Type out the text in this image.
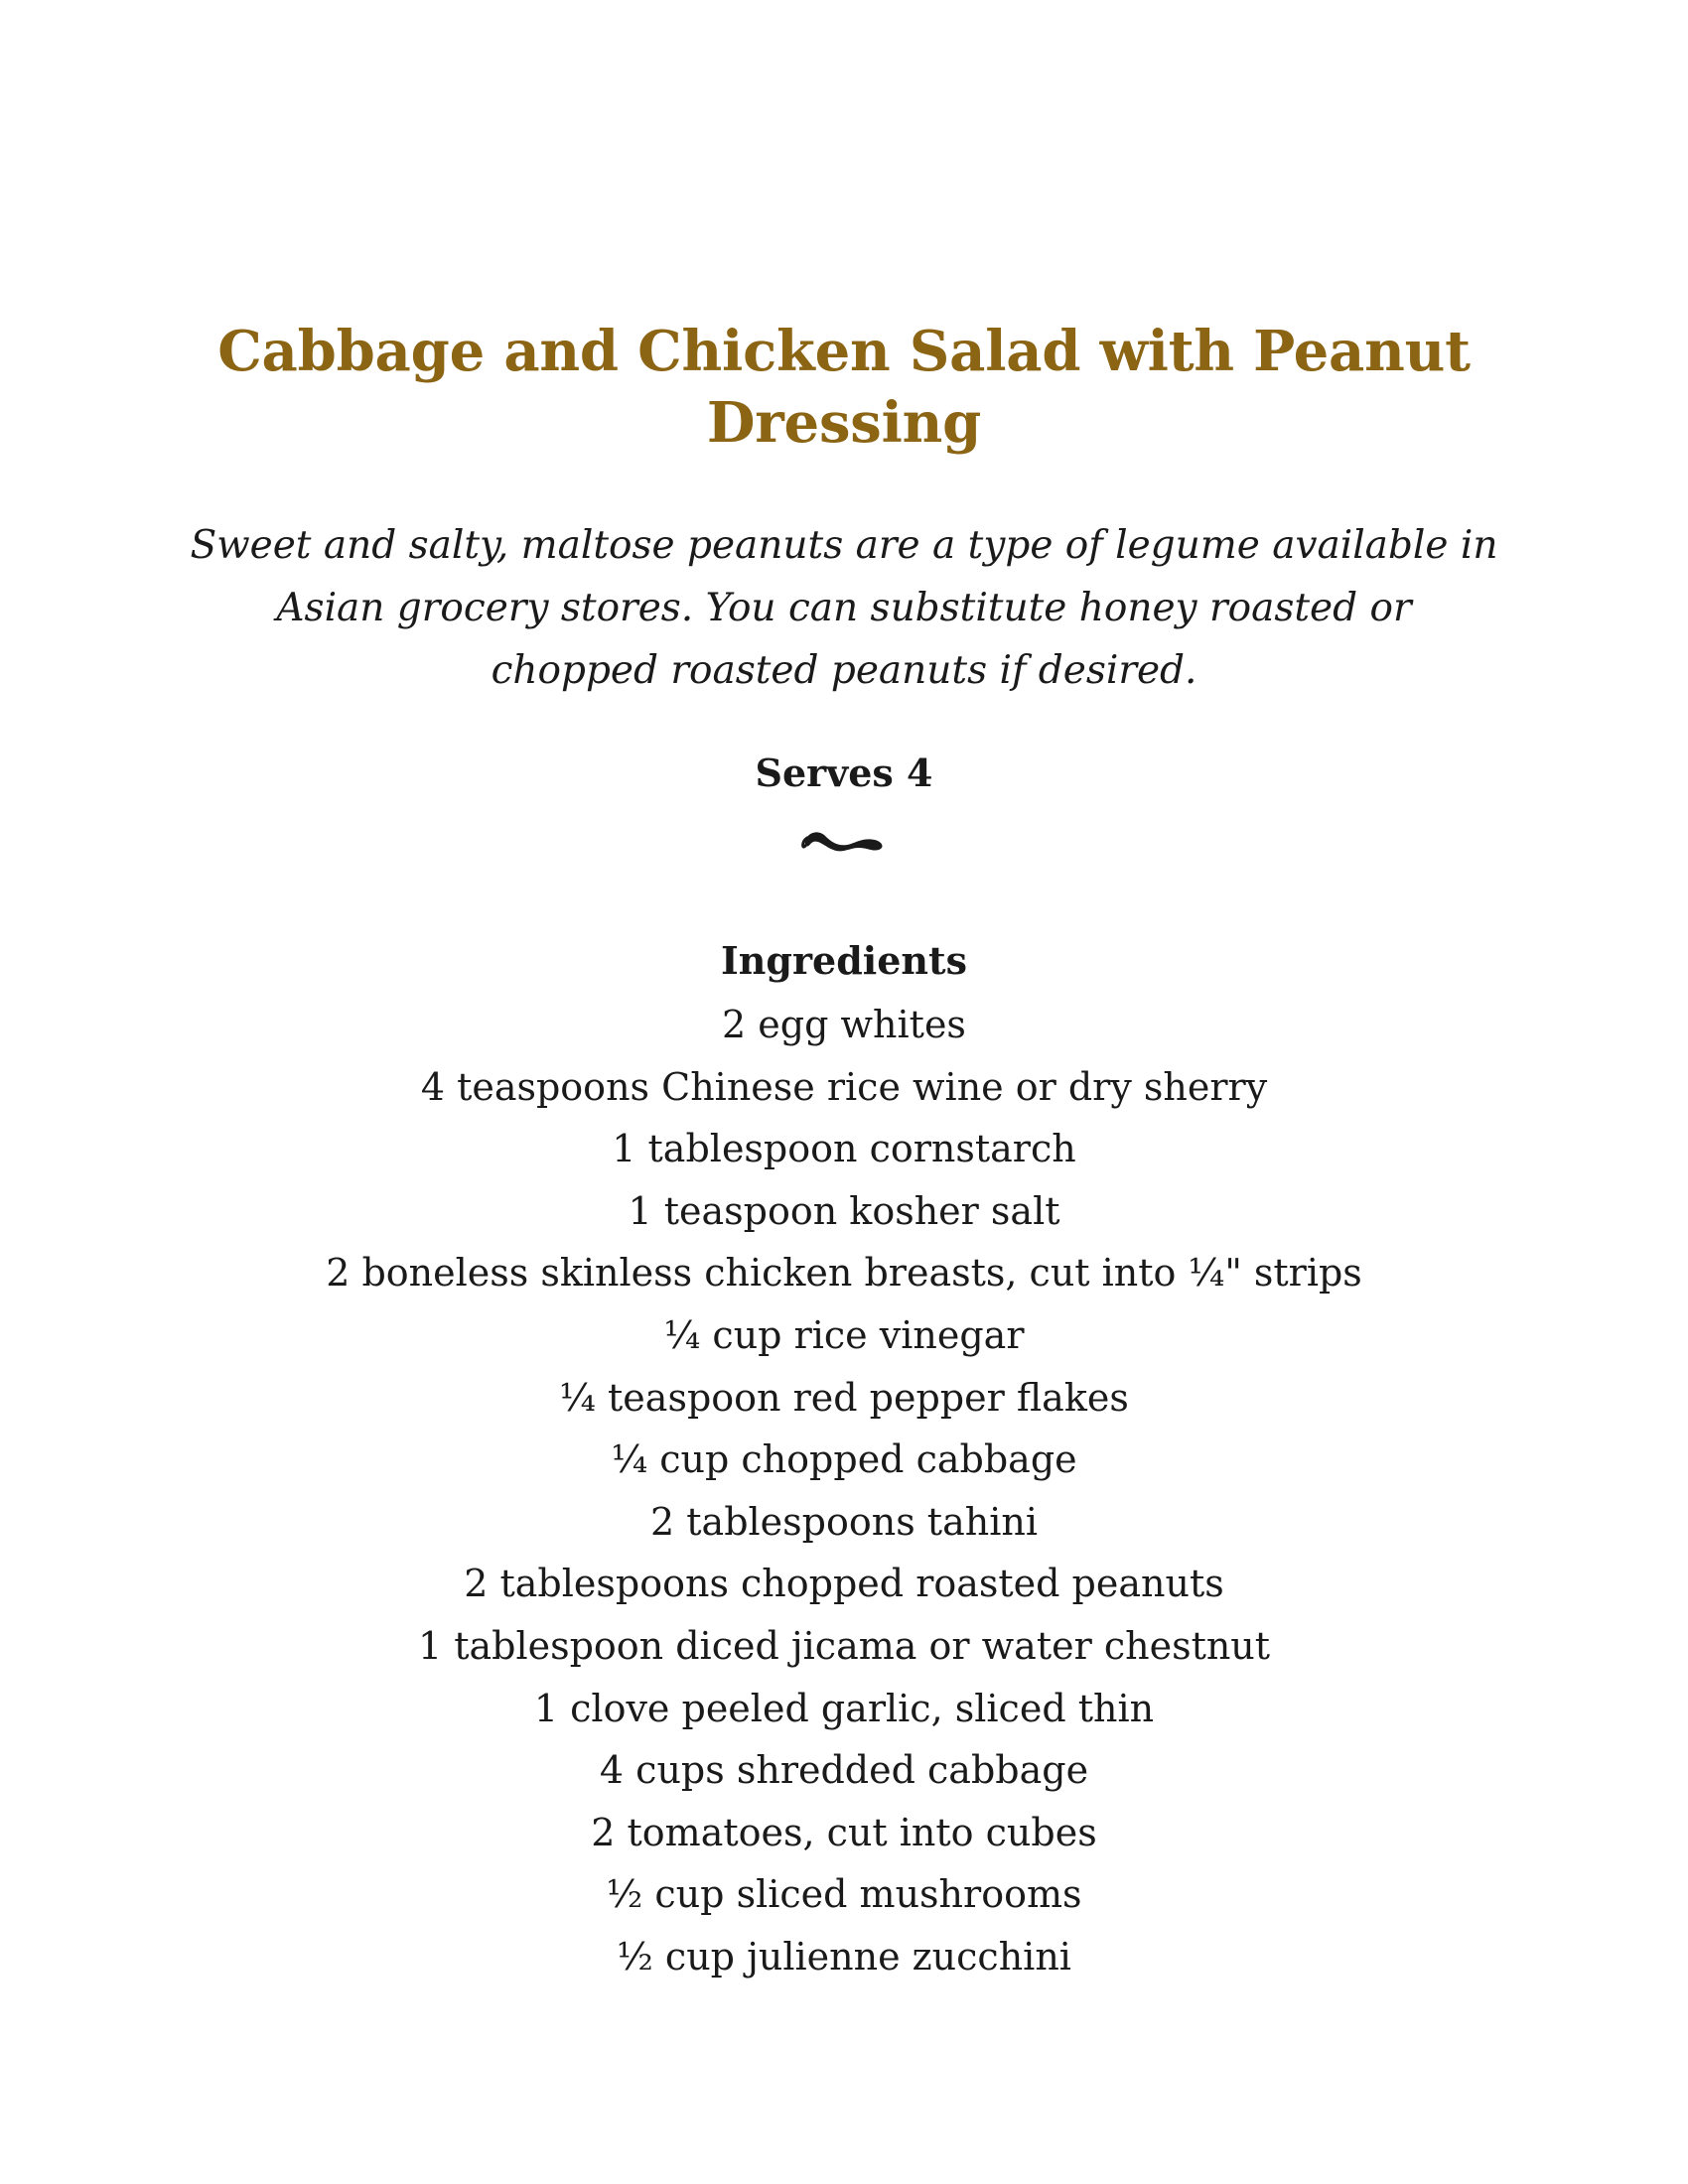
Cabbage and Chicken Salad with Peanut Dressing

Sweet and salty, maltose peanuts are a type of legume available in Asian grocery stores. You can substitute honey roasted or chopped roasted peanuts if desired.

Serves 4

Ingredients

2 egg whites
4 teaspoons Chinese rice wine or dry sherry
1 tablespoon cornstarch
1 teaspoon kosher salt
2 boneless skinless chicken breasts, cut into ¼" strips
¼ cup rice vinegar
¼ teaspoon red pepper flakes
¼ cup chopped cabbage
2 tablespoons tahini
2 tablespoons chopped roasted peanuts
1 tablespoon diced jicama or water chestnut
1 clove peeled garlic, sliced thin
4 cups shredded cabbage
2 tomatoes, cut into cubes
½ cup sliced mushrooms
½ cup julienne zucchini
